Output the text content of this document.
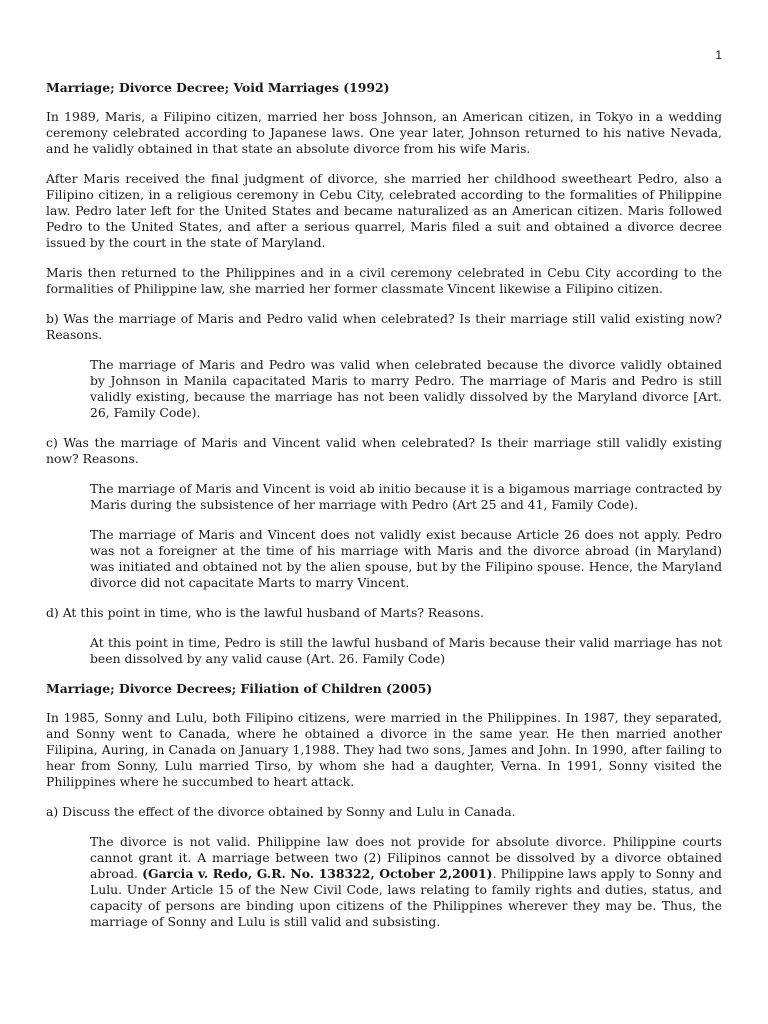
1
Marriage; Divorce Decree; Void Marriages (1992)

In 1989, Maris, a Filipino citizen, married her boss Johnson, an American citizen, in Tokyo in a wedding ceremony celebrated according to Japanese laws. One year later, Johnson returned to his native Nevada, and he validly obtained in that state an absolute divorce from his wife Maris.

After Maris received the final judgment of divorce, she married her childhood sweetheart Pedro, also a Filipino citizen, in a religious ceremony in Cebu City, celebrated according to the formalities of Philippine law. Pedro later left for the United States and became naturalized as an American citizen. Maris followed Pedro to the United States, and after a serious quarrel, Maris filed a suit and obtained a divorce decree issued by the court in the state of Maryland.

Maris then returned to the Philippines and in a civil ceremony celebrated in Cebu City according to the formalities of Philippine law, she married her former classmate Vincent likewise a Filipino citizen.

b) Was the marriage of Maris and Pedro valid when celebrated? Is their marriage still valid existing now? Reasons.

The marriage of Maris and Pedro was valid when celebrated because the divorce validly obtained by Johnson in Manila capacitated Maris to marry Pedro. The marriage of Maris and Pedro is still validly existing, because the marriage has not been validly dissolved by the Maryland divorce [Art. 26, Family Code).

c) Was the marriage of Maris and Vincent valid when celebrated? Is their marriage still validly existing now? Reasons.

The marriage of Maris and Vincent is void ab initio because it is a bigamous marriage contracted by Maris during the subsistence of her marriage with Pedro (Art 25 and 41, Family Code).

The marriage of Maris and Vincent does not validly exist because Article 26 does not apply. Pedro was not a foreigner at the time of his marriage with Maris and the divorce abroad (in Maryland) was initiated and obtained not by the alien spouse, but by the Filipino spouse. Hence, the Maryland divorce did not capacitate Marts to marry Vincent.

d) At this point in time, who is the lawful husband of Marts? Reasons.

At this point in time, Pedro is still the lawful husband of Maris because their valid marriage has not been dissolved by any valid cause (Art. 26. Family Code)

Marriage; Divorce Decrees; Filiation of Children (2005)

In 1985, Sonny and Lulu, both Filipino citizens, were married in the Philippines. In 1987, they separated, and Sonny went to Canada, where he obtained a divorce in the same year. He then married another Filipina, Auring, in Canada on January 1,1988. They had two sons, James and John. In 1990, after failing to hear from Sonny, Lulu married Tirso, by whom she had a daughter, Verna. In 1991, Sonny visited the Philippines where he succumbed to heart attack.

a) Discuss the effect of the divorce obtained by Sonny and Lulu in Canada.

The divorce is not valid. Philippine law does not provide for absolute divorce. Philippine courts cannot grant it. A marriage between two (2) Filipinos cannot be dissolved by a divorce obtained abroad. (Garcia v. Redo, G.R. No. 138322, October 2,2001). Philippine laws apply to Sonny and Lulu. Under Article 15 of the New Civil Code, laws relating to family rights and duties, status, and capacity of persons are binding upon citizens of the Philippines wherever they may be. Thus, the marriage of Sonny and Lulu is still valid and subsisting.
